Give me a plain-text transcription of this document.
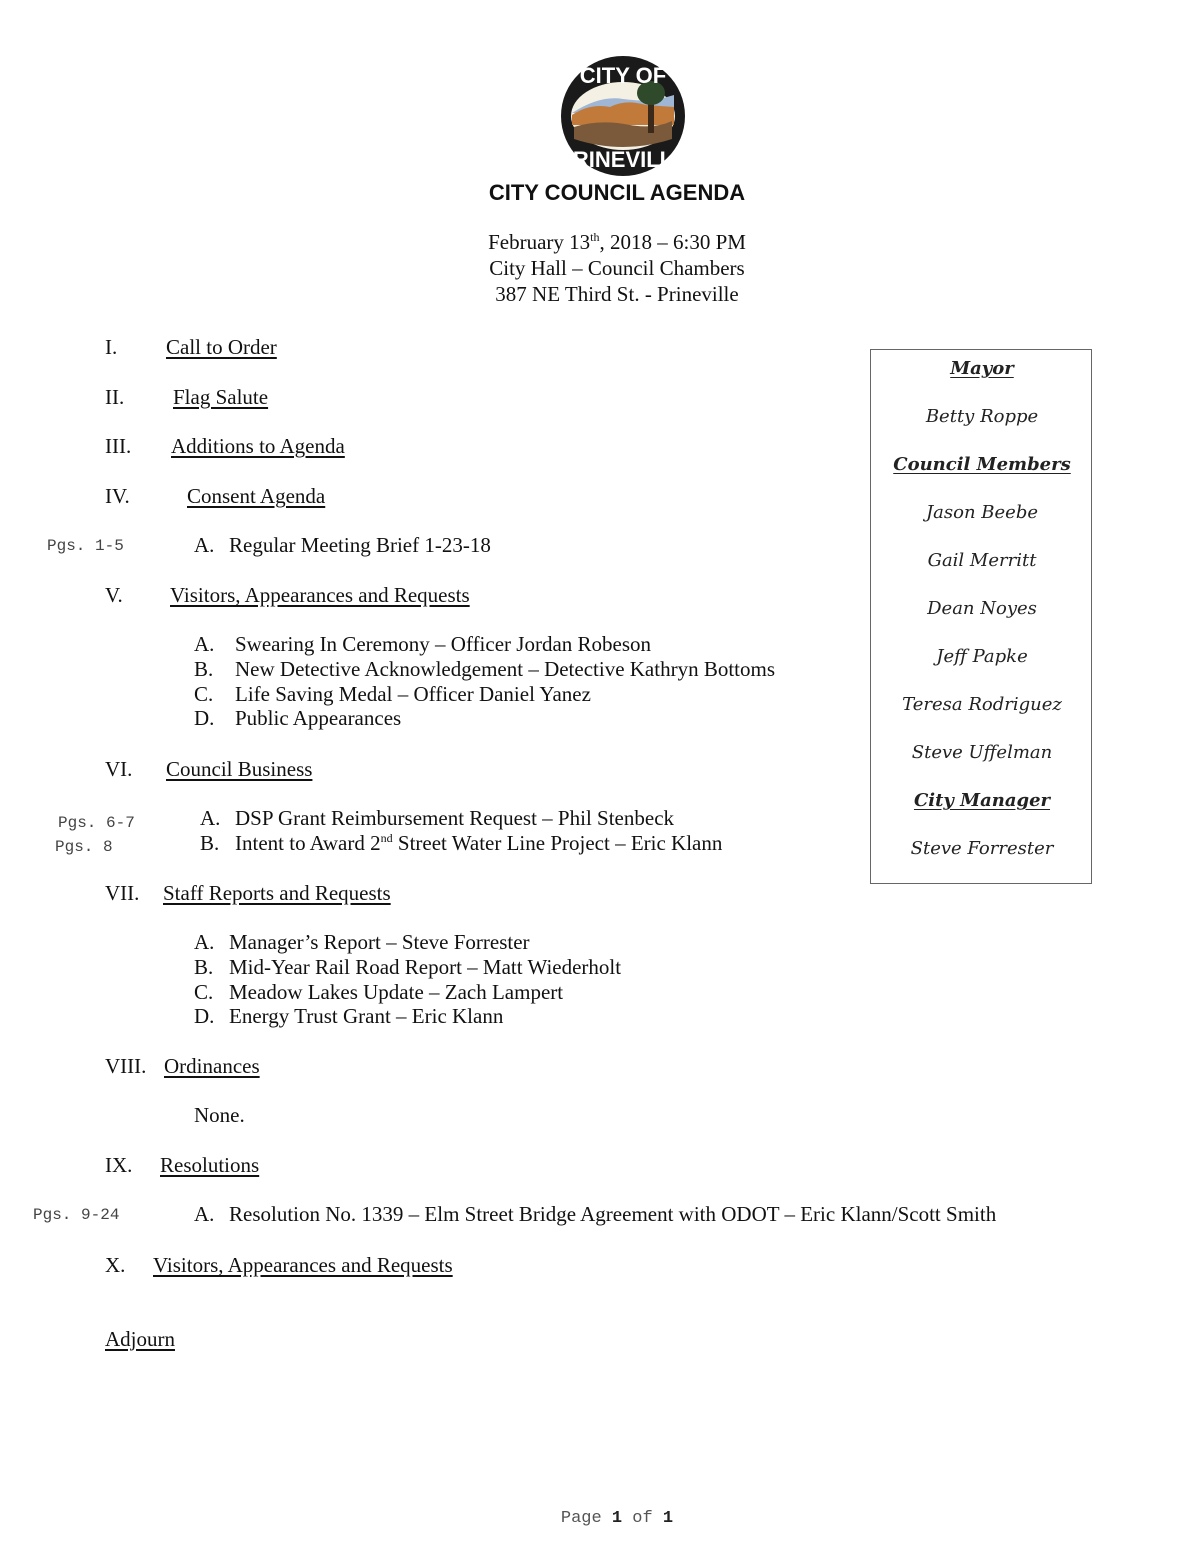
CITY OF
PRINEVILLE
CITY COUNCIL AGENDA
February 13th, 2018 – 6:30 PM
City Hall – Council Chambers
387 NE Third St. - Prineville
I. Call to Order
II. Flag Salute
III. Additions to Agenda
IV.	Consent Agenda
Pgs. 1-5	A. Regular Meeting Brief 1-23-18
V. Visitors, Appearances and Requests
A. Swearing In Ceremony – Officer Jordan Robeson
B. New Detective Acknowledgement – Detective Kathryn Bottoms
C. Life Saving Medal – Officer Daniel Yanez
D. Public Appearances
VI. Council Business
Pgs. 6-7	A. DSP Grant Reimbursement Request – Phil Stenbeck
Pgs. 8	B. Intent to Award 2nd Street Water Line Project – Eric Klann
VII. Staff Reports and Requests
A. Manager’s Report – Steve Forrester
B. Mid-Year Rail Road Report – Matt Wiederholt
C. Meadow Lakes Update – Zach Lampert
D. Energy Trust Grant – Eric Klann
VIII. Ordinances
None.
IX. Resolutions
Pgs. 9-24	A. Resolution No. 1339 – Elm Street Bridge Agreement with ODOT – Eric Klann/Scott Smith
X. Visitors, Appearances and Requests
Adjourn
Mayor
Betty Roppe
Council Members
Jason Beebe
Gail Merritt
Dean Noyes
Jeff Papke
Teresa Rodriguez
Steve Uffelman
City Manager
Steve Forrester
Page 1 of 1
